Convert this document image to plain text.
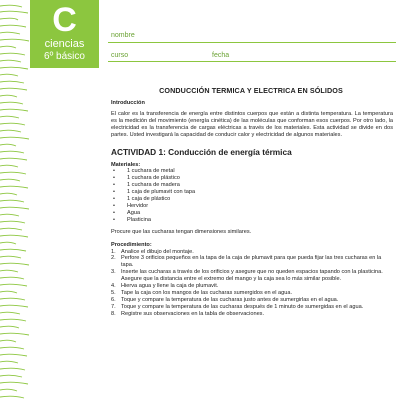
C
ciencias
6º básico
nombre
curso	fecha
CONDUCCIÓN TERMICA Y ELECTRICA EN SÓLIDOS

Introducción

El calor es la transferencia de energía entre distintos cuerpos que están a distinta temperatura. La temperatura es la medición del movimiento (energía cinética) de las moléculas que conforman esos cuerpos. Por otro lado, la electricidad es la transferencia de cargas eléctricas a través de los materiales. Esta actividad se divide en dos partes. Usted investigará la capacidad de conducir calor y electricidad de algunos materiales.

ACTIVIDAD 1: Conducción de energía térmica

Materiales:

• 1 cuchara de metal
• 1 cuchara de plástico
• 1 cuchara de madera
• 1 caja de plumavit con tapa
• 1 caja de plástico
• Hervidor
• Agua
• Plasticina

Procure que las cucharas tengan dimensiones similares.

Procedimiento:

1. Analice el dibujo del montaje.
2. Perfore 3 orificios pequeños en la tapa de la caja de plumavit para que pueda fijar las tres cucharas en la tapa.
3. Inserte las cucharas a través de los orificios y asegure que no queden espacios tapando con la plasticina. Asegure que la distancia entre el extremo del mango y la caja sea lo más similar posible.
4. Hierva agua y llene la caja de plumavit.
5. Tape la caja con los mangos de las cucharas sumergidos en el agua.
6. Toque y compare la temperatura de las cucharas justo antes de sumergirlas en el agua.
7. Toque y compare la temperatura de las cucharas después de 1 minuto de sumergidas en el agua.
8. Registre sus observaciones en la tabla de observaciones.
